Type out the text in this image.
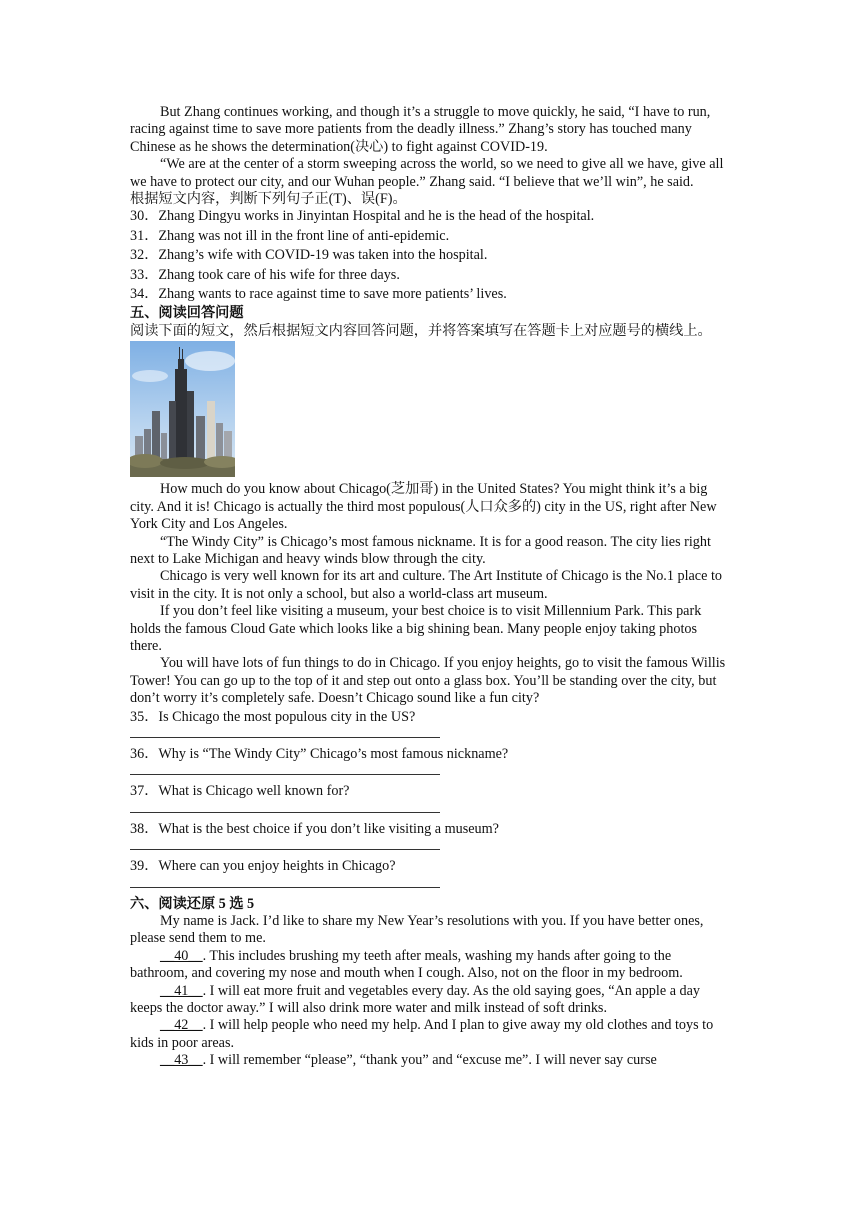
But Zhang continues working, and though it’s a struggle to move quickly, he said, “I have to run, racing against time to save more patients from the deadly illness.” Zhang’s story has touched many Chinese as he shows the determination(决心) to fight against COVID-19.

“We are at the center of a storm sweeping across the world, so we need to give all we have, give all we have to protect our city, and our Wuhan people.” Zhang said. “I believe that we’ll win”, he said.

根据短文内容，判断下列句子正(T)、误(F)。

30．Zhang Dingyu works in Jinyintan Hospital and he is the head of the hospital.

31．Zhang was not ill in the front line of anti-epidemic.

32．Zhang’s wife with COVID-19 was taken into the hospital.

33．Zhang took care of his wife for three days.

34．Zhang wants to race against time to save more patients’ lives.

五、阅读回答问题

阅读下面的短文，然后根据短文内容回答问题，并将答案填写在答题卡上对应题号的横线上。

How much do you know about Chicago(芝加哥) in the United States? You might think it’s a big city. And it is! Chicago is actually the third most populous(人口众多的) city in the US, right after New York City and Los Angeles.

“The Windy City” is Chicago’s most famous nickname. It is for a good reason. The city lies right next to Lake Michigan and heavy winds blow through the city.

Chicago is very well known for its art and culture. The Art Institute of Chicago is the No.1 place to visit in the city. It is not only a school, but also a world-class art museum.

If you don’t feel like visiting a museum, your best choice is to visit Millennium Park. This park holds the famous Cloud Gate which looks like a big shining bean. Many people enjoy taking photos there.

You will have lots of fun things to do in Chicago. If you enjoy heights, go to visit the famous Willis Tower! You can go up to the top of it and step out onto a glass box. You’ll be standing over the city, but don’t worry it’s completely safe. Doesn’t Chicago sound like a fun city?

35．Is Chicago the most populous city in the US?

36．Why is “The Windy City” Chicago’s most famous nickname?

37．What is Chicago well known for?

38．What is the best choice if you don’t like visiting a museum?

39．Where can you enjoy heights in Chicago?

六、阅读还原 5 选 5

My name is Jack. I’d like to share my New Year’s resolutions with you. If you have better ones, please send them to me.

__40__. This includes brushing my teeth after meals, washing my hands after going to the bathroom, and covering my nose and mouth when I cough. Also, not on the floor in my bedroom.

__41__. I will eat more fruit and vegetables every day. As the old saying goes, “An apple a day keeps the doctor away.” I will also drink more water and milk instead of soft drinks.

__42__. I will help people who need my help. And I plan to give away my old clothes and toys to kids in poor areas.

__43__. I will remember “please”, “thank you” and “excuse me”. I will never say curse
